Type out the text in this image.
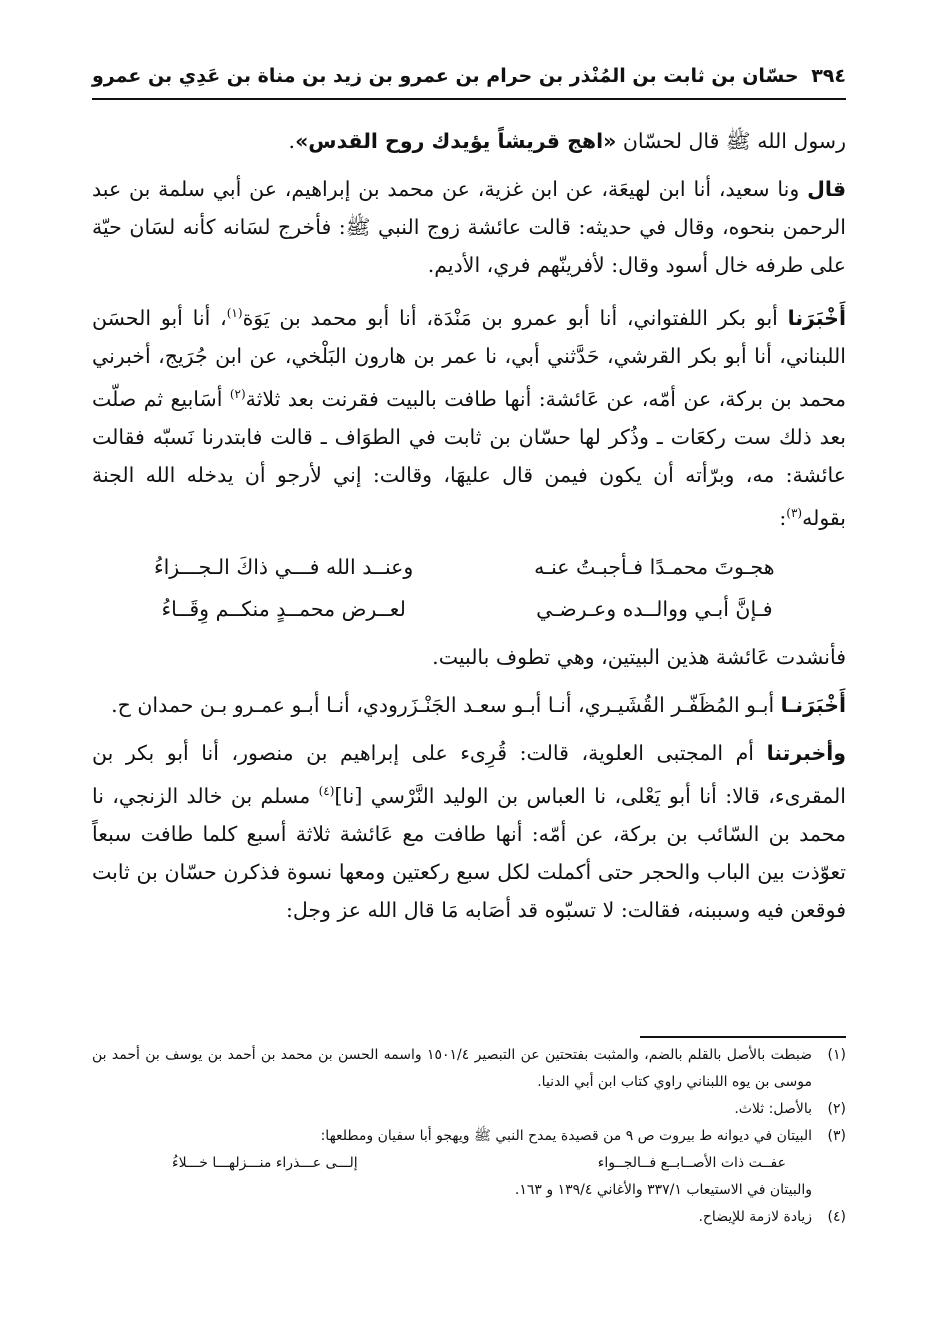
٣٩٤
حسّان بن ثابت بن المُنْذر بن حرام بن عمرو بن زيد بن مناة بن عَدِي بن عمرو

رسول الله ﷺ قال لحسّان «اهج قريشاً يؤيدك روح القدس».

قال ونا سعيد، أنا ابن لهيعَة، عن ابن غزية، عن محمد بن إبراهيم، عن أبي سلمة بن عبد الرحمن بنحوه، وقال في حديثه: قالت عائشة زوج النبي ﷺ: فأخرج لسَانه كأنه لسَان حيّة على طرفه خال أسود وقال: لأفرينّهم فري، الأديم.

أَخْبَرَنا أبو بكر اللفتواني، أنا أبو عمرو بن مَنْدَة، أنا أبو محمد بن يَوَة$^{(١)}$، أنا أبو الحسَن اللبناني، أنا أبو بكر القرشي، حَدَّثني أبي، نا عمر بن هارون البَلْخي، عن ابن جُرَيج، أخبرني محمد بن بركة، عن أمّه، عن عَائشة: أنها طافت بالبيت فقرنت بعد ثلاثة$^{(٢)}$ أسَابيع ثم صلّت بعد ذلك ست ركعَات ـ وذُكر لها حسّان بن ثابت في الطوَاف ـ قالت فابتدرنا نَسبّه فقالت عائشة: مه، وبرّأته أن يكون فيمن قال عليهَا، وقالت: إني لأرجو أن يدخله الله الجنة بقوله$^{(٣)}$:

هجـوتَ محمـدًا فـأجبـتُ عنـه
وعنــد الله فـــي ذاكَ الـجـــزاءُ
فـإنَّ أبـي ووالــده وعـرضـي
لعــرض محمــدٍ منكــم وِقَــاءُ

فأنشدت عَائشة هذين البيتين، وهي تطوف بالبيت.

أَخْبَرَنـا أبـو المُظَفّـر القُشَيـري، أنـا أبـو سعـد الجَنْـزَرودي، أنـا أبـو عمـرو بـن حمدان ح.

وأخبرتنا أم المجتبى العلوية، قالت: قُرِىء على إبراهيم بن منصور، أنا أبو بكر بن المقرىء، قالا: أنا أبو يَعْلى، نا العباس بن الوليد النَّرْسي [نا]$^{(٤)}$ مسلم بن خالد الزنجي، نا محمد بن السّائب بن بركة، عن أمّه: أنها طافت مع عَائشة ثلاثة أسبع كلما طافت سبعاً تعوّذت بين الباب والحجر حتى أكملت لكل سبع ركعتين ومعها نسوة فذكرن حسّان بن ثابت فوقعن فيه وسببنه، فقالت: لا تسبّوه قد أصَابه مَا قال الله عز وجل:

(١)
ضبطت بالأصل بالقلم بالضم، والمثبت بفتحتين عن التبصير ١٥٠١/٤ واسمه الحسن بن محمد بن أحمد بن يوسف بن أحمد بن موسى بن يوه اللبناني راوي كتاب ابن أبي الدنيا.
(٢)
بالأصل: ثلاث.
(٣)
البيتان في ديوانه ط بيروت ص ٩ من قصيدة يمدح النبي ﷺ ويهجو أبا سفيان ومطلعها:
عفــت ذات الأصــابــع فــالجــواء
إلـــى عـــذراء منـــزلهـــا خـــلاءُ
والبيتان في الاستيعاب ٣٣٧/١ والأغاني ١٣٩/٤ و ١٦٣.
(٤)
زيادة لازمة للإيضاح.
